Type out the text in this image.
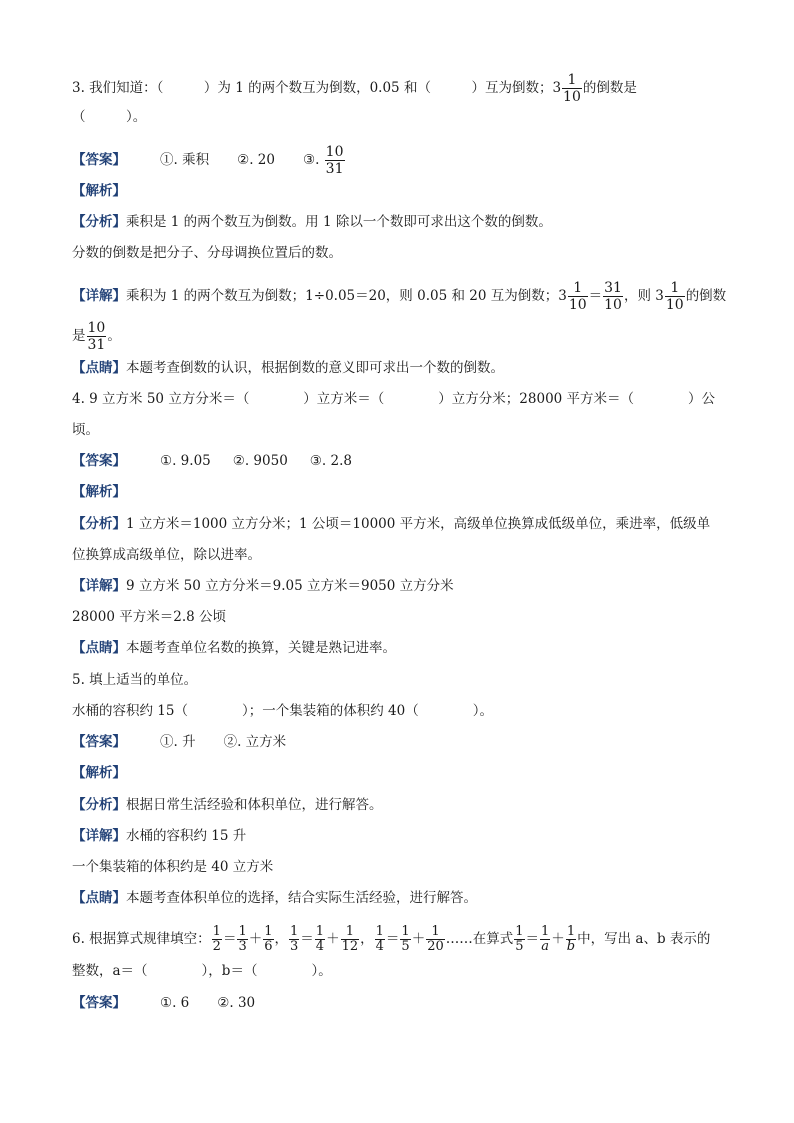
3. 我们知道：（　　　）为 1 的两个数互为倒数，0.05 和（　　　）互为倒数；$3 \frac{1}{10}$ 的倒数是
（　　　）。
【答案】	①. 乘积 ②. 20 ③. $\frac{10}{31}$
【解析】
【分析】乘积是 1 的两个数互为倒数。用 1 除以一个数即可求出这个数的倒数。
分数的倒数是把分子、分母调换位置后的数。
【详解】乘积为 1 的两个数互为倒数；1÷0.05＝20，则 0.05 和 20 互为倒数；$3 \frac{1}{10} = \frac{31}{10}$ ，则 $3 \frac{1}{10}$ 的倒数
是 $\frac{10}{31}$ 。
【点睛】本题考查倒数的认识，根据倒数的意义即可求出一个数的倒数。
4. 9 立方米 50 立方分米＝（　　　　）立方米＝（　　　　）立方分米；28000 平方米＝（　　　　）公
顷。
【答案】	①. 9.05 ②. 9050 ③. 2.8
【解析】
【分析】1 立方米＝1000 立方分米；1 公顷＝10000 平方米，高级单位换算成低级单位，乘进率，低级单
位换算成高级单位，除以进率。
【详解】9 立方米 50 立方分米＝9.05 立方米＝9050 立方分米
28000 平方米＝2.8 公顷
【点睛】本题考查单位名数的换算，关键是熟记进率。
5. 填上适当的单位。
水桶的容积约 15（　　　　）；一个集装箱的体积约 40（　　　　）。
【答案】	①. 升 ②. 立方米
【解析】
【分析】根据日常生活经验和体积单位，进行解答。
【详解】水桶的容积约 15 升
一个集装箱的体积约是 40 立方米
【点睛】本题考查体积单位的选择，结合实际生活经验，进行解答。
6. 根据算式规律填空： $\frac{1}{2} = \frac{1}{3} + \frac{1}{6}$ ， $\frac{1}{3} = \frac{1}{4} + \frac{1}{12}$ ， $\frac{1}{4} = \frac{1}{5} + \frac{1}{20}$ ……在算式 $\frac{1}{5} = \frac{1}{a} + \frac{1}{b}$ 中，写出 a、b 表示的
整数，a＝（　　　　），b＝（　　　　）。
【答案】	①. 6 ②. 30
